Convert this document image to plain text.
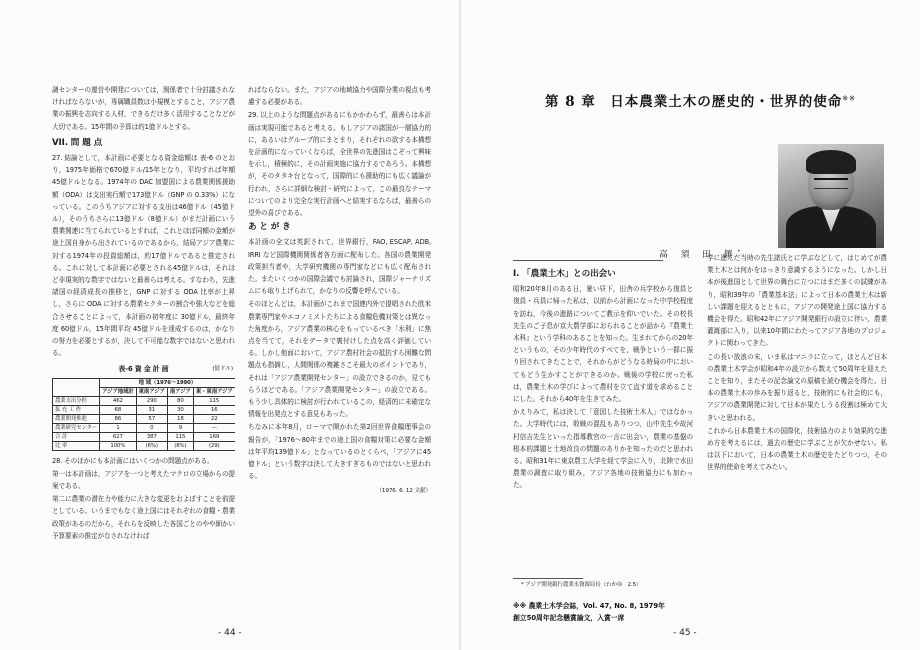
調センターの運営や開発については，関係者で十分討議されなければならないが，専属職員数は小規模とすること，アジア農業の振興を志向する人材，できるだけ多く活用することなどが大切である。15年間の予算は約1億ドルとする。

VII. 問 題 点

27. 結論として，本計画に必要となる資金総額は 表-6 のとおり，1975年価格で670億ドル/15年となり，平均すれば年額45億ドルとなる。1974年の DAC 加盟国による農業関係援助額（ODA）は支出実行額で173億ドル（GNP の 0.33%）になっている。このうちアジアに対する支出は46億ドル（45億ドル），そのうちさらに13億ドル（8億ドル）がまだ計画にいう農業関連に当てられているとすれば，これとほぼ同額の金額が途上国自身から出されているのであるから，結局アジア農業に対する1974年の投資総額は，約17億ドルであると推定される。これに対して本計画に必要とされる45億ドルは，それほど非現実的な数字ではないと最善らは考える。すなわち，先進諸国の経済成長の推移と，GNP に対する ODA 比率が上昇し，さらに ODA に対する農業セクターの割合や強大などを総合させることによって，本計画の初年度に 30億ドル，最終年度 60億ドル，15年間平均 45億ドルを達成するのは，かなりの努力を必要とするが，決して不可能な数字ではないと思われる。

表-6 資 金 計 画	(億ドル)
	地 域（1976〜1990）	
	アジア地域計	東南アジア	南アジア	東・東南アジア				
農業支出分担	462	290	80	115				
拡 充 工 作	68	31	30	16				
農業開発推進	86	57	18	22				
農業研究センター	1	0	9	—				
合 計	627	387	115	169				
比 率	100%	(6%)	(8%)	(29)				

28. そのほかにも本計画にはいくつかの問題点がある。

第一は本計画は，アジアを一つと考えたマクロの立場からの提案である。

第二に農業の潜在力や能力に大きな変更をおよぼすことを前提としている。いうまでもなく途上国にはそれぞれの食糧・農業政策があるのだから，それらを反映した各国ごとのやや細かい予算要素の推定がなされなければ

ればならない。また，アジアの地域協力や国際分業の視点も考慮する必要がある。

29. 以上のような問題点があるにもかかわらず，最善らは本計画は実現可能であると考える。もしアジアの諸国が一層協力的に，あるいはグループ的にまとまり，それぞれの欲する本構想を計画的になっていくならば，全世界の先進国はこぞって興味を示し，積極的に，その計画実施に協力するであろう。本構想が，そのタタキ台となって，国際的にも援助的にも広く議論が行われ，さらに詳細な検討・研究によって，この最良なテーマについてのより完全な実行計画へと結実するならば，最善らの望外の喜びである。

あ と が き

本計画の全文は英訳されて，世界銀行，FAO, ESCAP, ADB, IRRI など国際機関関係者各方面に配布した。各国の農業開発政策担当者や，大学研究機関の専門家などにも広く配布された。またいくつかの国際会議でも討論され，国際ジャーナリズムにも取り上げられて，かなりの反響を呼んでいる。

そのほとんどは，本計画がこれまで国連内外で提唱された欧米農業専門家やエコノミストたちによる食糧危機対策とは異なった角度から，アジア農業の核心をもっているべき「水利」に焦点を当てて，それをデータで裏付けした点を高く評価している。しかし他面において，アジア農村社会の抵抗すら困難な問題点も指摘し，人間関係の複雑さこそ最大のポイントであり，それは「アジア農業開発センター」の設立できるのか，見てもらうほどである。「アジア農業開発センター」の設立である。もう少し具体的に検討が行われているこの，経済的に未確定な情報を出発点とする意見もあった。

ちなみに本年8月，ローマで開かれた第2回世界食糧理事会の報告が，「1976〜80年までの途上国の食糧対策に必要な金額は年平均139億ドル」となっているのとくらべ，「アジアに45億ドル」という数字は決して大きすぎるものではないと思われる。

（1976. 6. 12 文献）
- 44 -
第 8 章　日本農業土木の歴史的・世界的使命※※
高 須 田 鎮*
I. 「農業土木」との出会い

昭和20年8月のある日，暑い昼下，田舎の兵学校から復員と復員・兵員に帰った私は，以前から計画になった中学校程度を訪ね，今後の進路についてご教示を仰いでいた。その校長先生のご子息が京大農学部におられることが話から『農業土木科』という学科のあることを知った。生まれてからの20年というもの，その少年時代のすべてを，戦争という一群に振り回されてきたことで，それからがどうなる時局の中においてもどう生かすことができるのか。戦後の学校に戻った私は，農業土木の学びによって農村を立て直す道を求めることにした。それから40年を生きてみた。

かえりみて，私は決して「意図した技術土木人」ではなかった。大学時代には，敗戦の混乱もありつつ，山中先生や故河村信吉先生といった指導教官の一言に出会い，農業の基盤の根本的課題と土地改良の問題のありかを知ったのだと思われる。昭和31年に東京農工大学を経て学会に入り，北陸で水田農業の調査に取り組み，アジア各地の技術協力にも加わった。

* アジア開発銀行農業水資源局長（わかゆ　2.5）

学に進んだ当時の先生諸氏とに学ぶなどして，はじめてが農業土木とは何かをはっきり意識するようになった。しかし日本が後進国として世界の舞台に立つにはまだ多くの試練があり，昭和39年の「農業基本法」によって日本の農業土木は新しい課題を迎えるとともに，アジアの開発途上国に協力する機会を得た。昭和42年にアジア開発銀行の設立に伴い，農業灌漑部に入り，以来10年間にわたってアジア各地のプロジェクトに関わってきた。

この長い放浪の末，いま私はマニラに立って，ほとんど日本の農業土木学会が昭和4年の設立から数えて50周年を迎えたことを知り，またその記念論文の原稿を読む機会を得た。日本の農業土木の歩みを振り返ると，技術的にも社会的にも，アジアの農業開発に対して日本が果たしうる役割は極めて大きいと思われる。

これから日本農業土木の国際化，技術協力のより効果的な進め方を考えるには，過去の歴史に学ぶことが欠かせない。私は以下において，日本の農業土木の歴史をたどりつつ，その世界的使命を考えてみたい。

※※ 農業土木学会誌，Vol. 47, No. 8, 1979年
創立50周年記念懸賞論文，入賞一席
- 45 -
